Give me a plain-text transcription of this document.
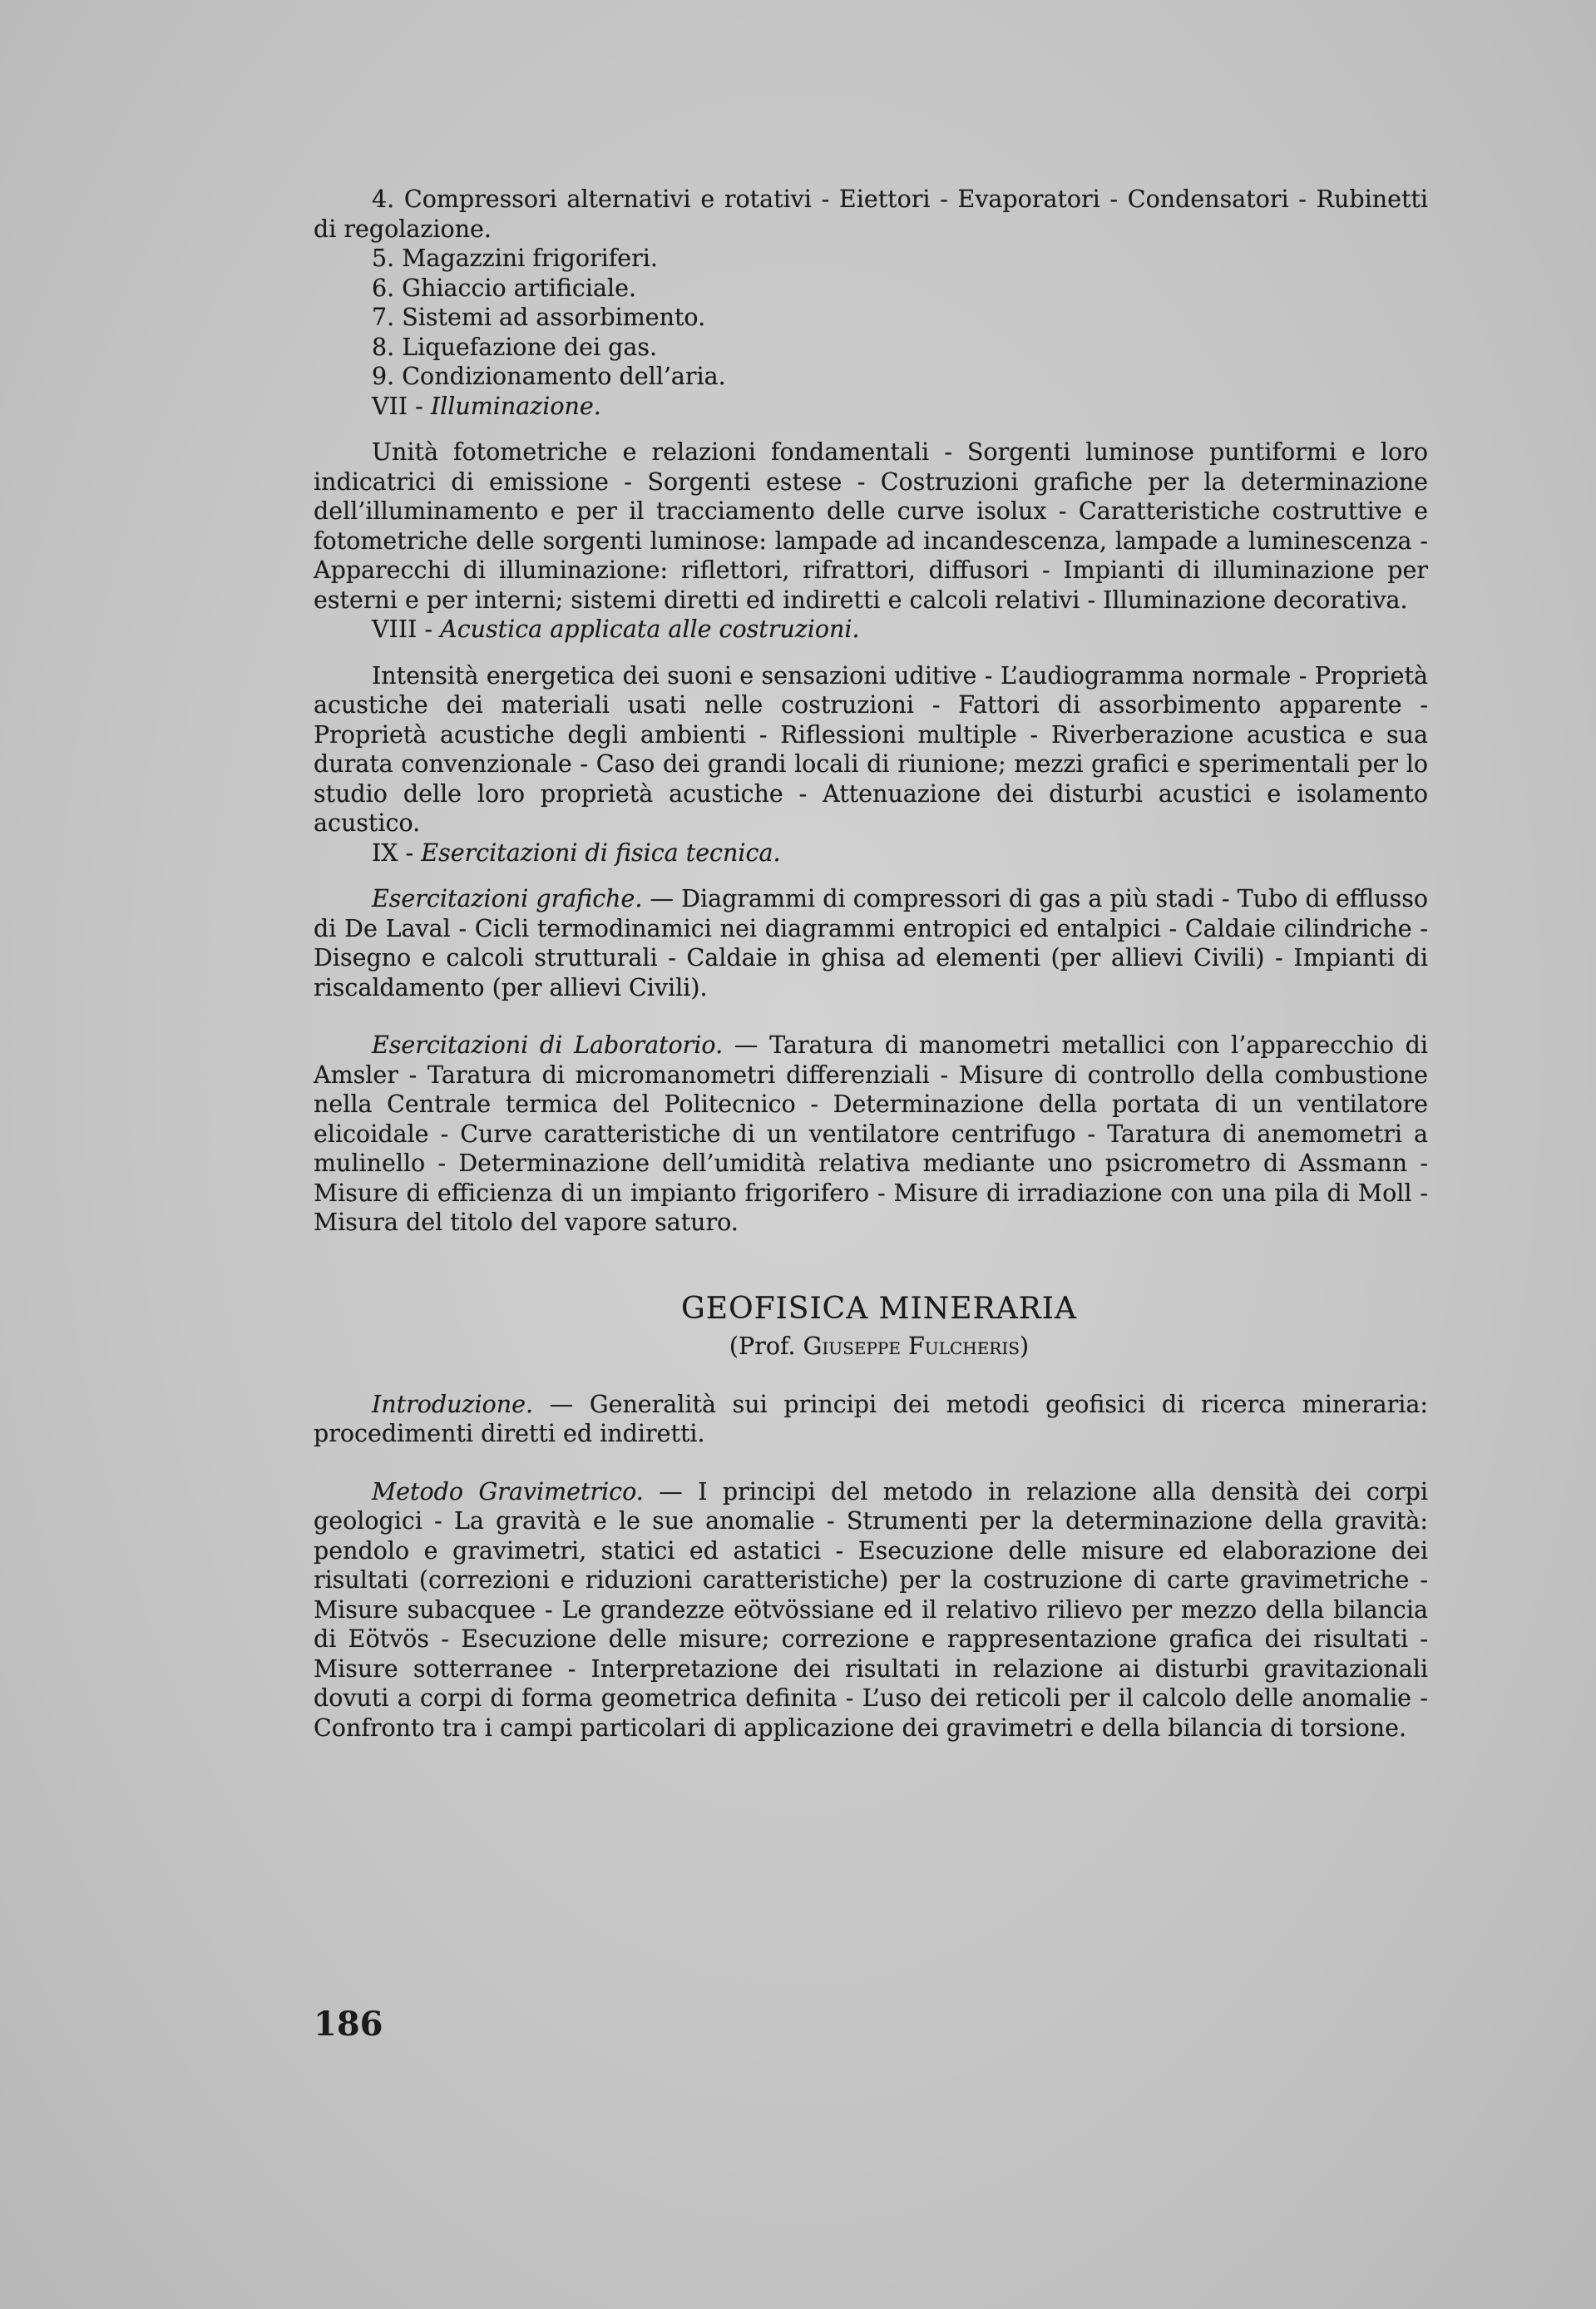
4. Compressori alternativi e rotativi - Eiettori - Evaporatori - Condensatori - Rubinetti di regolazione.

5. Magazzini frigoriferi.

6. Ghiaccio artificiale.

7. Sistemi ad assorbimento.

8. Liquefazione dei gas.

9. Condizionamento dell’aria.

VII - Illuminazione.

Unità fotometriche e relazioni fondamentali - Sorgenti luminose puntiformi e loro indicatrici di emissione - Sorgenti estese - Costruzioni grafiche per la determinazione dell’illuminamento e per il tracciamento delle curve isolux - Caratteristiche costruttive e fotometriche delle sorgenti luminose: lampade ad incandescenza, lampade a luminescenza - Apparecchi di illuminazione: riflettori, rifrattori, diffusori - Impianti di illuminazione per esterni e per interni; sistemi diretti ed indiretti e calcoli relativi - Illuminazione decorativa.

VIII - Acustica applicata alle costruzioni.

Intensità energetica dei suoni e sensazioni uditive - L’audiogramma normale - Proprietà acustiche dei materiali usati nelle costruzioni - Fattori di assorbimento apparente - Proprietà acustiche degli ambienti - Riflessioni multiple - Riverberazione acustica e sua durata convenzionale - Caso dei grandi locali di riunione; mezzi grafici e sperimentali per lo studio delle loro proprietà acustiche - Attenuazione dei disturbi acustici e isolamento acustico.

IX - Esercitazioni di fisica tecnica.

Esercitazioni grafiche. — Diagrammi di compressori di gas a più stadi - Tubo di efflusso di De Laval - Cicli termodinamici nei diagrammi entropici ed entalpici - Caldaie cilindriche - Disegno e calcoli strutturali - Caldaie in ghisa ad elementi (per allievi Civili) - Impianti di riscaldamento (per allievi Civili).

Esercitazioni di Laboratorio. — Taratura di manometri metallici con l’apparecchio di Amsler - Taratura di micromanometri differenziali - Misure di controllo della combustione nella Centrale termica del Politecnico - Determinazione della portata di un ventilatore elicoidale - Curve caratteristiche di un ventilatore centrifugo - Taratura di anemometri a mulinello - Determinazione dell’umidità relativa mediante uno psicrometro di Assmann - Misure di efficienza di un impianto frigorifero - Misure di irradiazione con una pila di Moll - Misura del titolo del vapore saturo.

GEOFISICA MINERARIA
(Prof. Giuseppe Fulcheris)

Introduzione. — Generalità sui principi dei metodi geofisici di ricerca mineraria: procedimenti diretti ed indiretti.

Metodo Gravimetrico. — I principi del metodo in relazione alla densità dei corpi geologici - La gravità e le sue anomalie - Strumenti per la determinazione della gravità: pendolo e gravimetri, statici ed astatici - Esecuzione delle misure ed elaborazione dei risultati (correzioni e riduzioni caratteristiche) per la costruzione di carte gravimetriche - Misure subacquee - Le grandezze eötvössiane ed il relativo rilievo per mezzo della bilancia di Eötvös - Esecuzione delle misure; correzione e rappresentazione grafica dei risultati - Misure sotterranee - Interpretazione dei risultati in relazione ai disturbi gravitazionali dovuti a corpi di forma geometrica definita - L’uso dei reticoli per il calcolo delle anomalie - Confronto tra i campi particolari di applicazione dei gravimetri e della bilancia di torsione.

186
